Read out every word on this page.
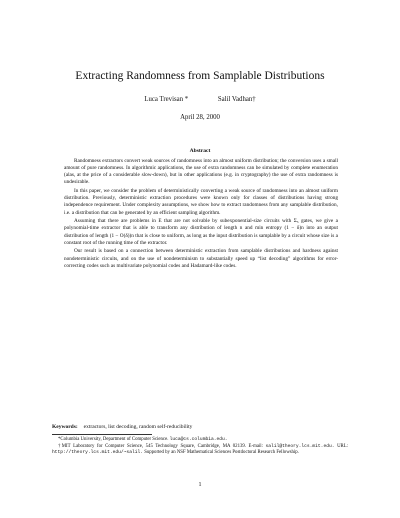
Extracting Randomness from Samplable Distributions
Luca Trevisan *	Salil Vadhan†
April 28, 2000
Abstract

Randomness extractors convert weak sources of randomness into an almost uniform distribution; the conversion uses a small amount of pure randomness. In algorithmic applications, the use of extra randomness can be simulated by complete enumeration (alas, at the price of a considerable slow-down), but in other applications (e.g. in cryptography) the use of extra randomness is undesirable.

In this paper, we consider the problem of deterministically converting a weak source of randomness into an almost uniform distribution. Previously, deterministic extraction procedures were known only for classes of distributions having strong independence requirement. Under complexity assumptions, we show how to extract randomness from any samplable distribution, i.e. a distribution that can be generated by an efficient sampling algorithm.

Assuming that there are problems in E that are not solvable by subexponential-size circuits with Σ₅ gates, we give a polynomial-time extractor that is able to transform any distribution of length n and min entropy (1 − δ)n into an output distribution of length (1 − O(δ))n that is close to uniform, as long as the input distribution is samplable by a circuit whose size is a constant root of the running time of the extractor.

Our result is based on a connection between deterministic extraction from samplable distributions and hardness against nondeterministic circuits, and on the use of nondeterminism to substantially speed up “list decoding” algorithms for error-correcting codes such as multivariate polynomial codes and Hadamard-like codes.

Keywords: extractors, list decoding, random self-reducibility

*Columbia University, Department of Computer Science. luca@cs.columbia.edu.

†MIT Laboratory for Computer Science, 545 Technology Square, Cambridge, MA 02139. E-mail: salil@theory.lcs.mit.edu. URL: http://theory.lcs.mit.edu/~salil. Supported by an NSF Mathematical Sciences Postdoctoral Research Fellowship.

1
